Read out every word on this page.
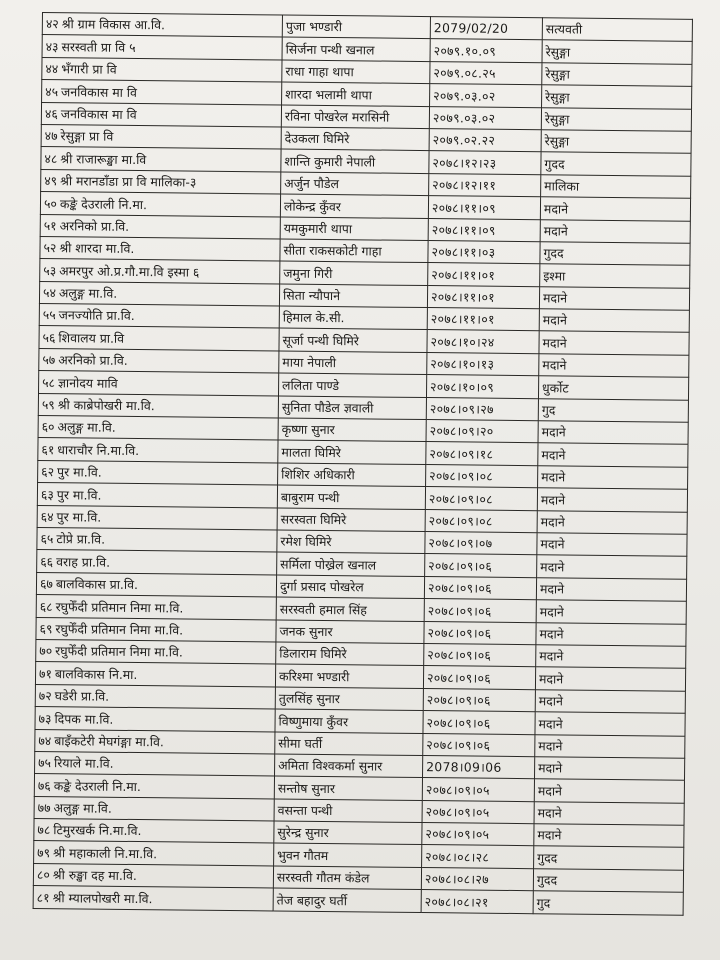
४२ श्री ग्राम विकास आ.वि.	पुजा भण्डारी	2079/02/20	सत्यवती
४३ सरस्वती प्रा वि ५	सिर्जना पन्थी खनाल	२०७९.१०.०९	रेसुङ्गा
४४ भँगारी प्रा वि	राधा गाहा थापा	२०७९.०८.२५	रेसुङ्गा
४५ जनविकास मा वि	शारदा भलामी थापा	२०७९.०३.०२	रेसुङ्गा
४६ जनविकास मा वि	रविना पोखरेल मरासिनी	२०७९.०३.०२	रेसुङ्गा
४७ रेसुङ्गा प्रा वि	देउकला घिमिरे	२०७९.०२.२२	रेसुङ्गा
४८ श्री राजारूङ्खा मा.वि	शान्ति कुमारी नेपाली	२०७८।१२।२३	गुदद
४९ श्री मरानडाँडा प्रा वि मालिका-३	अर्जुन पौडेल	२०७८।१२।११	मालिका
५० कङ्के देउराली नि.मा.	लोकेन्द्र कुँवर	२०७८।११।०९	मदाने
५१ अरनिको प्रा.वि.	यमकुमारी थापा	२०७८।११।०९	मदाने
५२ श्री शारदा मा.वि.	सीता राकसकोटी गाहा	२०७८।११।०३	गुदद
५३ अमरपुर ओ.प्र.गौ.मा.वि इस्मा ६	जमुना गिरी	२०७८।११।०१	इश्मा
५४ अलुङ्ग मा.वि.	सिता न्यौपाने	२०७८।११।०१	मदाने
५५ जनज्योति प्रा.वि.	हिमाल के.सी.	२०७८।११।०१	मदाने
५६ शिवालय प्रा.वि	सूर्जा पन्थी घिमिरे	२०७८।१०।२४	मदाने
५७ अरनिको प्रा.वि.	माया नेपाली	२०७८।१०।१३	मदाने
५८ ज्ञानोदय मावि	ललिता पाण्डे	२०७८।१०।०९	धुर्कोट
५९ श्री काब्रेपोखरी मा.वि.	सुनिता पौडेल ज्ञवाली	२०७८।०९।२७	गुद
६० अलुङ्ग मा.वि.	कृष्णा सुनार	२०७८।०९।२०	मदाने
६१ धाराचौर नि.मा.वि.	मालता घिमिरे	२०७८।०९।१८	मदाने
६२ पुर मा.वि.	शिशिर अधिकारी	२०७८।०९।०८	मदाने
६३ पुर मा.वि.	बाबुराम पन्थी	२०७८।०९।०८	मदाने
६४ पुर मा.वि.	सरस्वता घिमिरे	२०७८।०९।०८	मदाने
६५ टोप्रे प्रा.वि.	रमेश घिमिरे	२०७८।०९।०७	मदाने
६६ वराह प्रा.वि.	सर्मिला पोख्रेल खनाल	२०७८।०९।०६	मदाने
६७ बालविकास प्रा.वि.	दुर्गा प्रसाद पोखरेल	२०७८।०९।०६	मदाने
६८ रघुफेँदी प्रतिमान निमा मा.वि.	सरस्वती हमाल सिंह	२०७८।०९।०६	मदाने
६९ रघुफेँदी प्रतिमान निमा मा.वि.	जनक सुनार	२०७८।०९।०६	मदाने
७० रघुफेँदी प्रतिमान निमा मा.वि.	डिलाराम घिमिरे	२०७८।०९।०६	मदाने
७१ बालविकास नि.मा.	करिश्मा भण्डारी	२०७८।०९।०६	मदाने
७२ घडेरी प्रा.वि.	तुलसिंह सुनार	२०७८।०९।०६	मदाने
७३ दिपक मा.वि.	विष्णुमाया कुँवर	२०७८।०९।०६	मदाने
७४ बाइँकटेरी मेघगंङ्गा मा.वि.	सीमा घर्ती	२०७८।०९।०६	मदाने
७५ रियाले मा.वि.	अमिता विश्वकर्मा सुनार	2078।09।06	मदाने
७६ कङ्के देउराली नि.मा.	सन्तोष सुनार	२०७८।०९।०५	मदाने
७७ अलुङ्ग मा.वि.	वसन्ता पन्थी	२०७८।०९।०५	मदाने
७८ टिमुरखर्क नि.मा.वि.	सुरेन्द्र सुनार	२०७८।०९।०५	मदाने
७९ श्री महाकाली नि.मा.वि.	भुवन गौतम	२०७८।०८।२८	गुदद
८० श्री रुङ्खा दह मा.वि.	सरस्वती गौतम कंडेल	२०७८।०८।२७	गुदद
८१ श्री म्यालपोखरी मा.वि.	तेज बहादुर घर्ती	२०७८।०८।२१	गुद
